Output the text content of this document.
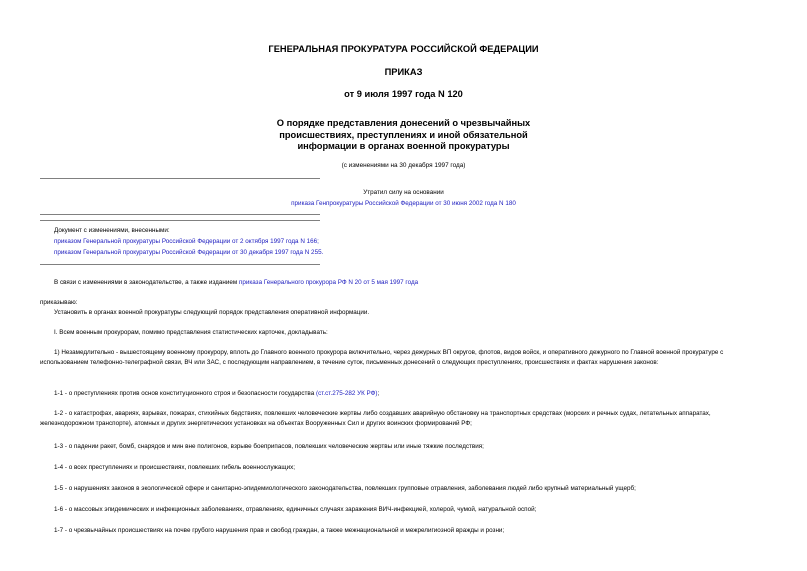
ГЕНЕРАЛЬНАЯ ПРОКУРАТУРА РОССИЙСКОЙ ФЕДЕРАЦИИ
ПРИКАЗ
от 9 июля 1997 года N 120
О порядке представления донесений о чрезвычайных
происшествиях, преступлениях и иной обязательной
информации в органах военной прокуратуры
(с изменениями на 30 декабря 1997 года)
Утратил силу на основании
приказа Генпрокуратуры Российской Федерации от 30 июня 2002 года N 180
Документ с изменениями, внесенными:
приказом Генеральной прокуратуры Российской Федерации от 2 октября 1997 года N 166;
приказом Генеральной прокуратуры Российской Федерации от 30 декабря 1997 года N 255.
В связи с изменениями в законодательстве, а также изданием приказа Генерального прокурора РФ N 20 от 5 мая 1997 года
приказываю:
Установить в органах военной прокуратуры следующий порядок представления оперативной информации.
I. Всем военным прокурорам, помимо представления статистических карточек, докладывать:

1) Незамедлительно - вышестоящему военному прокурору, вплоть до Главного военного прокурора включительно, через дежурных ВП округов, флотов, видов войск, и оперативного дежурного по Главной военной прокуратуре с использованием телефонно-телеграфной связи, ВЧ или ЗАС, с последующим направлением, в течение суток, письменных донесений о следующих преступлениях, происшествиях и фактах нарушения законов:

1-1 - о преступлениях против основ конституционного строя и безопасности государства (ст.ст.275-282 УК РФ);

1-2 - о катастрофах, авариях, взрывах, пожарах, стихийных бедствиях, повлекших человеческие жертвы либо создавших аварийную обстановку на транспортных средствах (морских и речных судах, летательных аппаратах, железнодорожном транспорте), атомных и других энергетических установках на объектах Вооруженных Сил и других воинских формирований РФ;

1-3 - о падении ракет, бомб, снарядов и мин вне полигонов, взрыве боеприпасов, повлекших человеческие жертвы или иные тяжкие последствия;
1-4 - о всех преступлениях и происшествиях, повлекших гибель военнослужащих;
1-5 - о нарушениях законов в экологической сфере и санитарно-эпидемиологического законодательства, повлекших групповые отравления, заболевания людей либо крупный материальный ущерб;
1-6 - о массовых эпидемических и инфекционных заболеваниях, отравлениях, единичных случаях заражения ВИЧ-инфекцией, холерой, чумой, натуральной оспой;
1-7 - о чрезвычайных происшествиях на почве грубого нарушения прав и свобод граждан, а также межнациональной и межрелигиозной вражды и розни;
